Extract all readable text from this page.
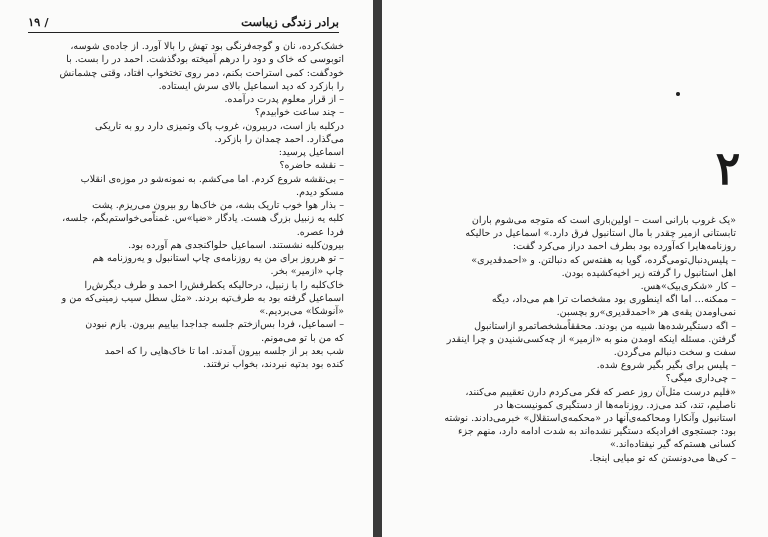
برادر زندگی زیباست
/ ۱۹

خشک‌کرده، نان و گوجه‌فرنگی بود تهش را بالا آورد. از جاده‌ی شوسه،

اتوبوسی که خاک و دود را درهم آمیخته بودگذشت. احمد در را بست. با

خودگفت: کمی استراحت بکنم، دمر روی تختخواب افتاد، وقتی چشمانش

را بازکرد که دید اسماعیل بالای سرش ایستاده.

– از قرار معلوم پدرت درآمده.

– چند ساعت خوابیدم؟

درکلبه باز است، دربیرون، غروب پاک وتمیزی دارد رو به تاریکی

می‌گذارد. احمد چمدان را بازکرد.

اسماعیل پرسید:

– نقشه حاضره؟

– بی‌نقشه شروع کردم. اما می‌کشم. به نمونه‌شو در موزه‌ی انقلاب

مسکو دیدم.

– بذار هوا خوب تاریک بشه، من خاک‌ها رو بیرون می‌ریزم. پشت

کلبه یه زنبیل بزرگ هست. یادگار «ضیا»س. غمناّمی‌خواستم‌بگم، جلسه،

فردا عصره.

بیرون‌کلبه نشستند. اسماعیل حلواکنجدی هم آورده بود.

– تو هرروز برای من یه روزنامه‌ی چاپ استانبول و یه‌روزنامه هم

چاپ «ازمیر» بخر.

خاک‌کلبه را با زنبیل، درحالیکه یکطرفش‌را احمد و طرف دیگرش‌را

اسماعیل گرفته بود به طرف‌تپه بردند. «مثل سطل سیب زمینی‌که من و

«آنوشکا» می‌بردیم.»

– اسماعیل، فردا بس‌ازختم جلسه جداجدا بیاییم بیرون. بازم نبودن

که من با تو می‌مونم.

شب بعد بر از جلسه بیرون آمدند. اما تا خاک‌هایی را که احمد

کنده بود بدتپه نبردند، بخواب نرفتند.

۲

«یک غروب بارانی است – اولین‌باری است که متوجه می‌شوم باران

تابستانی ازمیر چقدر با مال استانبول فرق دارد.» اسماعیل در حالیکه

روزنامه‌هایرا که‌آورده بود بطرف احمد دراز می‌کرد گفت:

– پلیس‌دنبال‌تومی‌گرده، گویا به هفته‌س که دنبالتن. و «احمدقدیری»

اهل استانبول را گرفته زیر اخیه‌کشیده بودن.

– کار «شکری‌بیک»هس.

– ممکنه… اما اگه اینطوری بود مشخصات ترا هم می‌داد، دیگه

نمی‌اومدن یقه‌ی هر «احمدقدیری»رو بچسبن.

– اگه دستگیرشده‌ها شبیه من بودند. محققاًمشخصاتمرو ازاستانبول

گرفتن. مسئله اینکه اومدن منو به «ازمیر» از چه‌کسی‌شنیدن و چرا اینقدر

سفت و سخت دنبالم می‌گردن.

– پلیس برای بگیر بگیر شروع شده.

– چی‌داری میگی؟

«فلیم درست مثل‌آن روز عصر که فکر می‌کردم دارن تعقیبم می‌کنند،

ناصلیم، تند، کند می‌زد. روزنامه‌ها از دستگیری کمونیست‌ها در

استانبول وآنکارا ومحاکمه‌ی‌آنها در «محکمه‌ی‌استقلال» خبرمی‌دادند. نوشته

بود: جستجوی افرادیکه دستگیر نشده‌اند به شدت ادامه دارد، منهم جزء

کسانی هستم‌که گیر نیفتاده‌اند.»

– کی‌ها می‌دونستن که تو میایی اینجا.
